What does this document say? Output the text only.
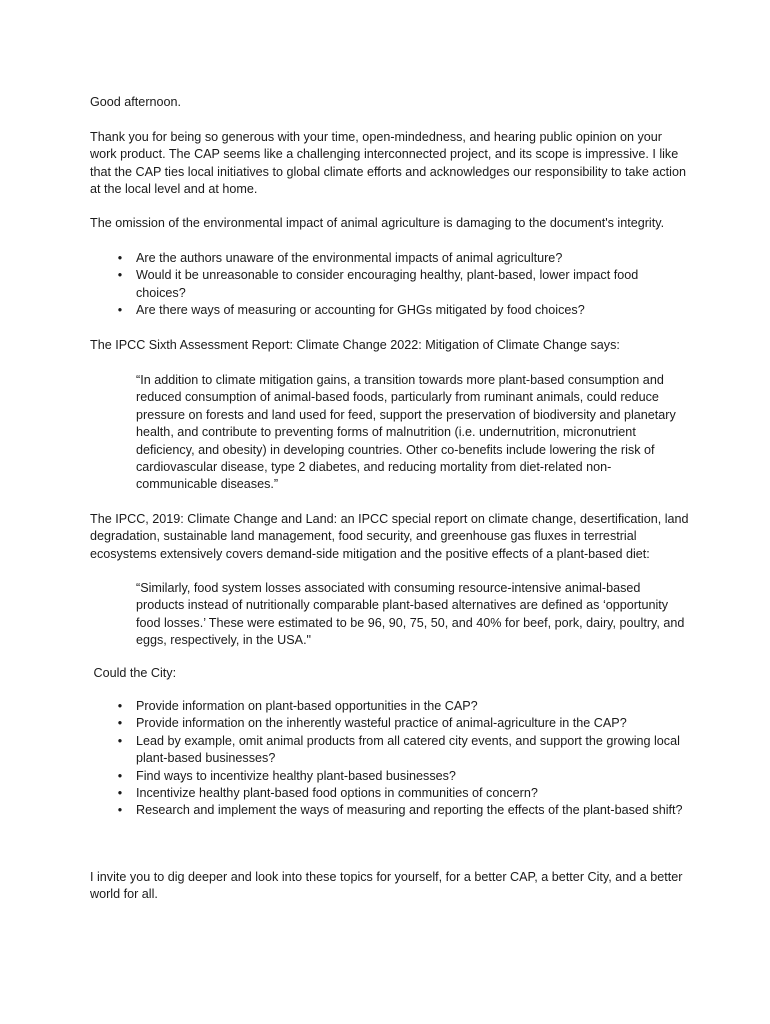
Good afternoon.

Thank you for being so generous with your time, open-mindedness, and hearing public opinion on your work product. The CAP seems like a challenging interconnected project, and its scope is impressive. I like that the CAP ties local initiatives to global climate efforts and acknowledges our responsibility to take action at the local level and at home.

The omission of the environmental impact of animal agriculture is damaging to the document's integrity.

• Are the authors unaware of the environmental impacts of animal agriculture?
• Would it be unreasonable to consider encouraging healthy, plant-based, lower impact food choices?
• Are there ways of measuring or accounting for GHGs mitigated by food choices?

The IPCC Sixth Assessment Report: Climate Change 2022: Mitigation of Climate Change says:

“In addition to climate mitigation gains, a transition towards more plant-based consumption and reduced consumption of animal-based foods, particularly from ruminant animals, could reduce pressure on forests and land used for feed, support the preservation of biodiversity and planetary health, and contribute to preventing forms of malnutrition (i.e. undernutrition, micronutrient deficiency, and obesity) in developing countries. Other co-benefits include lowering the risk of cardiovascular disease, type 2 diabetes, and reducing mortality from diet-related non-communicable diseases.”

The IPCC, 2019: Climate Change and Land: an IPCC special report on climate change, desertification, land degradation, sustainable land management, food security, and greenhouse gas fluxes in terrestrial ecosystems extensively covers demand-side mitigation and the positive effects of a plant-based diet:

“Similarly, food system losses associated with consuming resource-intensive animal-based products instead of nutritionally comparable plant-based alternatives are defined as ‘opportunity food losses.’ These were estimated to be 96, 90, 75, 50, and 40% for beef, pork, dairy, poultry, and eggs, respectively, in the USA."

Could the City:

• Provide information on plant-based opportunities in the CAP?
• Provide information on the inherently wasteful practice of animal-agriculture in the CAP?
• Lead by example, omit animal products from all catered city events, and support the growing local plant-based businesses?
• Find ways to incentivize healthy plant-based businesses?
• Incentivize healthy plant-based food options in communities of concern?
• Research and implement the ways of measuring and reporting the effects of the plant-based shift?

I invite you to dig deeper and look into these topics for yourself, for a better CAP, a better City, and a better world for all.
